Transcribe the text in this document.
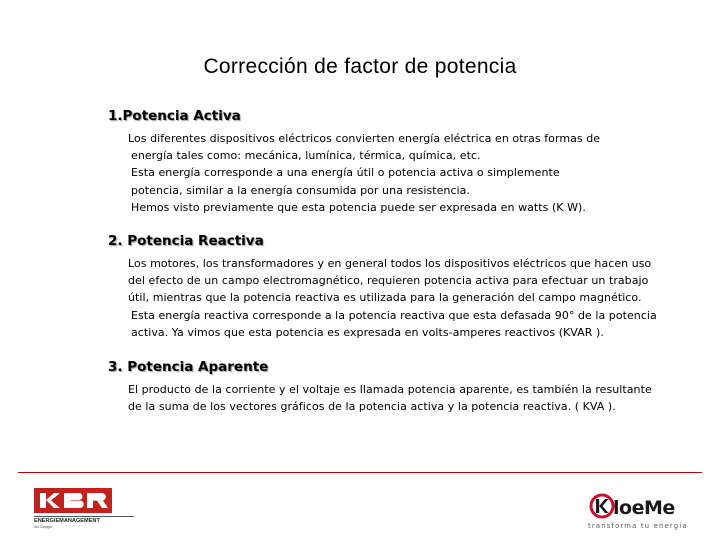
Corrección de factor de potencia
1.Potencia Activa
Los diferentes dispositivos eléctricos convierten energía eléctrica en otras formas de
energía tales como: mecánica, lumínica, térmica, química, etc.
Esta energía corresponde a una energía útil o potencia activa o simplemente
potencia, similar a la energía consumida por una resistencia.
Hemos visto previamente que esta potencia puede ser expresada en watts (K W).
2. Potencia Reactiva
Los motores, los transformadores y en general todos los dispositivos eléctricos que hacen uso
del efecto de un campo electromagnético, requieren potencia activa para efectuar un trabajo
útil, mientras que la potencia reactiva es utilizada para la generación del campo magnético.
Esta energía reactiva corresponde a la potencia reactiva que esta defasada 90° de la potencia
activa. Ya vimos que esta potencia es expresada en volts-amperes reactivos (KVAR ).
3. Potencia Aparente
El producto de la corriente y el voltaje es llamada potencia aparente, es también la resultante
de la suma de los vectores gráficos de la potencia activa y la potencia reactiva. ( KVA ).
ENERGIEMANAGEMENT
AG Gruppe
loeMe
transforma tu energía
